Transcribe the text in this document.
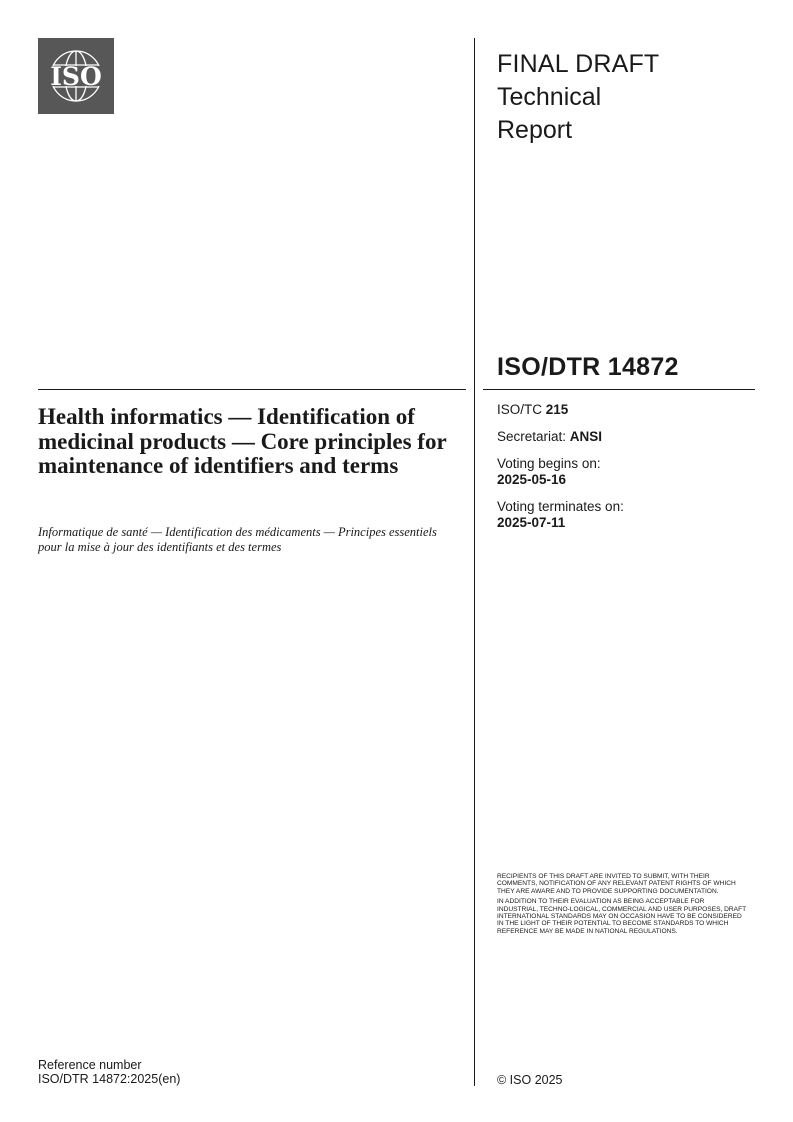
ISO	FINAL DRAFT
Technical
Report
ISO/DTR 14872
Health informatics — Identification of medicinal products — Core principles for maintenance of identifiers and terms
Informatique de santé — Identification des médicaments — Principes essentiels pour la mise à jour des identifiants et des termes
ISO/TC 215
Secretariat: ANSI
Voting begins on:
2025-05-16
Voting terminates on:
2025-07-11

RECIPIENTS OF THIS DRAFT ARE INVITED TO SUBMIT, WITH THEIR COMMENTS, NOTIFICATION OF ANY RELEVANT PATENT RIGHTS OF WHICH THEY ARE AWARE AND TO PROVIDE SUPPORTING DOCUMENTATION.

IN ADDITION TO THEIR EVALUATION AS BEING ACCEPTABLE FOR INDUSTRIAL, TECHNO-LOGICAL, COMMERCIAL AND USER PURPOSES, DRAFT INTERNATIONAL STANDARDS MAY ON OCCASION HAVE TO BE CONSIDERED IN THE LIGHT OF THEIR POTENTIAL TO BECOME STANDARDS TO WHICH REFERENCE MAY BE MADE IN NATIONAL REGULATIONS.

Reference number
ISO/DTR 14872:2025(en)	© ISO 2025
